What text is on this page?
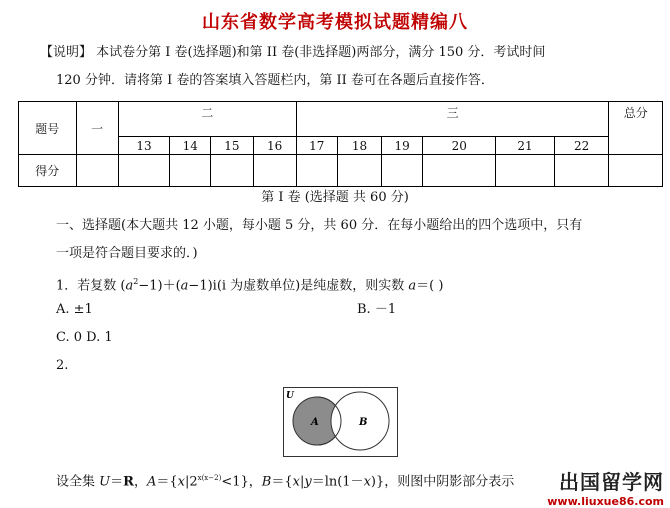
山东省数学高考模拟试题精编八
【说明】 本试卷分第 I 卷(选择题)和第 II 卷(非选择题)两部分，满分 150 分．考试时间
120 分钟．请将第 I 卷的答案填入答题栏内，第 II 卷可在各题后直接作答．
题号	一	二				三						总分
		13	14	15	16	17	18	19	20	21	22	
得分												
第 I 卷 (选择题 共 60 分)
一、选择题(本大题共 12 小题，每小题 5 分，共 60 分．在每小题给出的四个选项中，只有
一项是符合题目要求的．)
1．若复数 $(a^2-1)+(a-1)i(i$ 为虚数单位)是纯虚数，则实数 a＝( )
A. ±1	B. －1
C. 0 D. 1
2.
U
A	B
设全集 U＝R，$A=\{x|2^{x(x-2)}<1\}$，B＝{x|y＝ln(1－x)}，则图中阴影部分表示	出国留学网
www.liuxue86.com
